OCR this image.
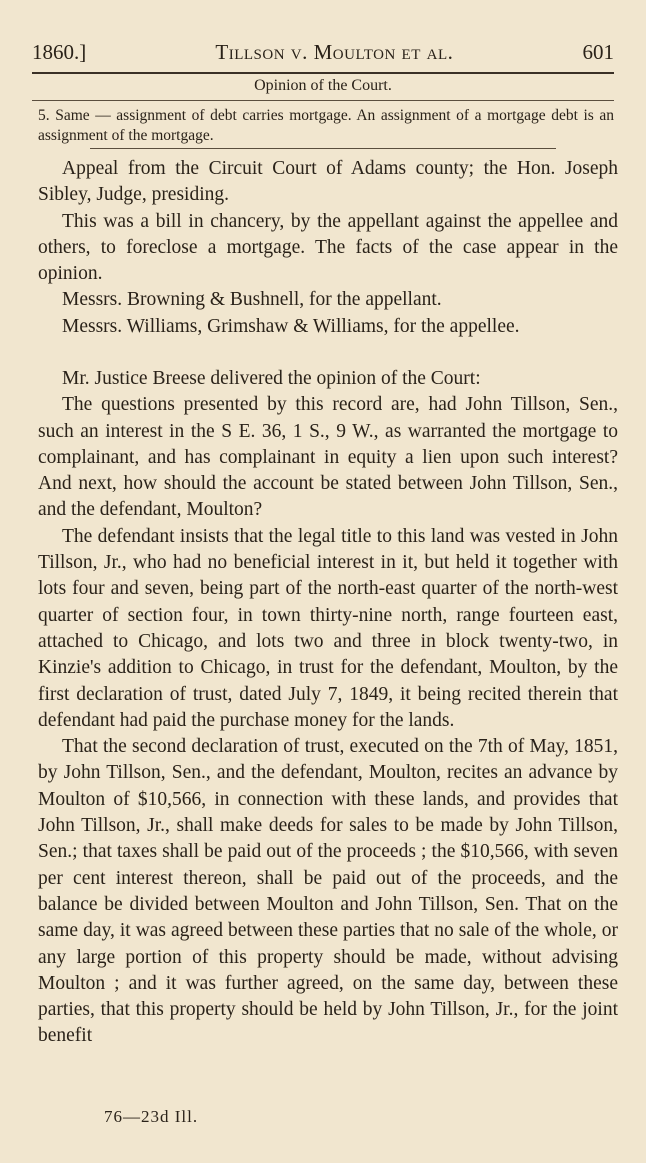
1860.]	Tillson v. Moulton et al.	601
Opinion of the Court.
5. Same — assignment of debt carries mortgage. An assignment of a mortgage debt is an assignment of the mortgage.

Appeal from the Circuit Court of Adams county; the Hon. Joseph Sibley, Judge, presiding.

This was a bill in chancery, by the appellant against the appellee and others, to foreclose a mortgage. The facts of the case appear in the opinion.

Messrs. Browning & Bushnell, for the appellant.

Messrs. Williams, Grimshaw & Williams, for the appellee.

Mr. Justice Breese delivered the opinion of the Court:

The questions presented by this record are, had John Tillson, Sen., such an interest in the S E. 36, 1 S., 9 W., as warranted the mortgage to complainant, and has complainant in equity a lien upon such interest? And next, how should the account be stated between John Tillson, Sen., and the defendant, Moulton?

The defendant insists that the legal title to this land was vested in John Tillson, Jr., who had no beneficial interest in it, but held it together with lots four and seven, being part of the north-east quarter of the north-west quarter of section four, in town thirty-nine north, range fourteen east, attached to Chicago, and lots two and three in block twenty-two, in Kinzie's addition to Chicago, in trust for the defendant, Moulton, by the first declaration of trust, dated July 7, 1849, it being recited therein that defendant had paid the purchase money for the lands.

That the second declaration of trust, executed on the 7th of May, 1851, by John Tillson, Sen., and the defendant, Moulton, recites an advance by Moulton of $10,566, in connection with these lands, and provides that John Tillson, Jr., shall make deeds for sales to be made by John Tillson, Sen.; that taxes shall be paid out of the proceeds ; the $10,566, with seven per cent interest thereon, shall be paid out of the proceeds, and the balance be divided between Moulton and John Tillson, Sen. That on the same day, it was agreed between these parties that no sale of the whole, or any large portion of this property should be made, without advising Moulton ; and it was further agreed, on the same day, between these parties, that this property should be held by John Tillson, Jr., for the joint benefit

76—23d Ill.
